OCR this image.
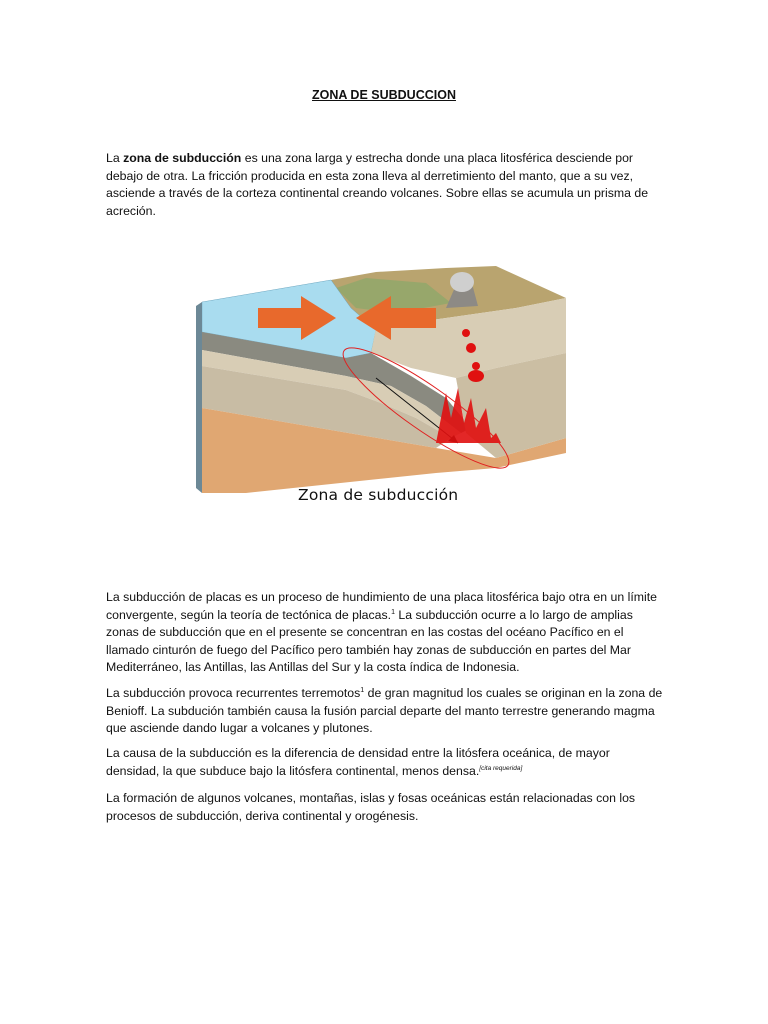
ZONA DE SUBDUCCION

La zona de subducción es una zona larga y estrecha donde una placa litosférica desciende por debajo de otra. La fricción producida en esta zona lleva al derretimiento del manto, que a su vez, asciende a través de la corteza continental creando volcanes. Sobre ellas se acumula un prisma de acreción.

Zona de subducción

La subducción de placas es un proceso de hundimiento de una placa litosférica bajo otra en un límite convergente, según la teoría de tectónica de placas.$^1$ La subducción ocurre a lo largo de amplias zonas de subducción que en el presente se concentran en las costas del océano Pacífico en el llamado cinturón de fuego del Pacífico pero también hay zonas de subducción en partes del Mar Mediterráneo, las Antillas, las Antillas del Sur y la costa índica de Indonesia.

La subducción provoca recurrentes terremotos$^1$ de gran magnitud los cuales se originan en la zona de Benioff. La subdución también causa la fusión parcial departe del manto terrestre generando magma que asciende dando lugar a volcanes y plutones.

La causa de la subducción es la diferencia de densidad entre la litósfera oceánica, de mayor densidad, la que subduce bajo la litósfera continental, menos densa.[cita requerida]

La formación de algunos volcanes, montañas, islas y fosas oceánicas están relacionadas con los procesos de subducción, deriva continental y orogénesis.
